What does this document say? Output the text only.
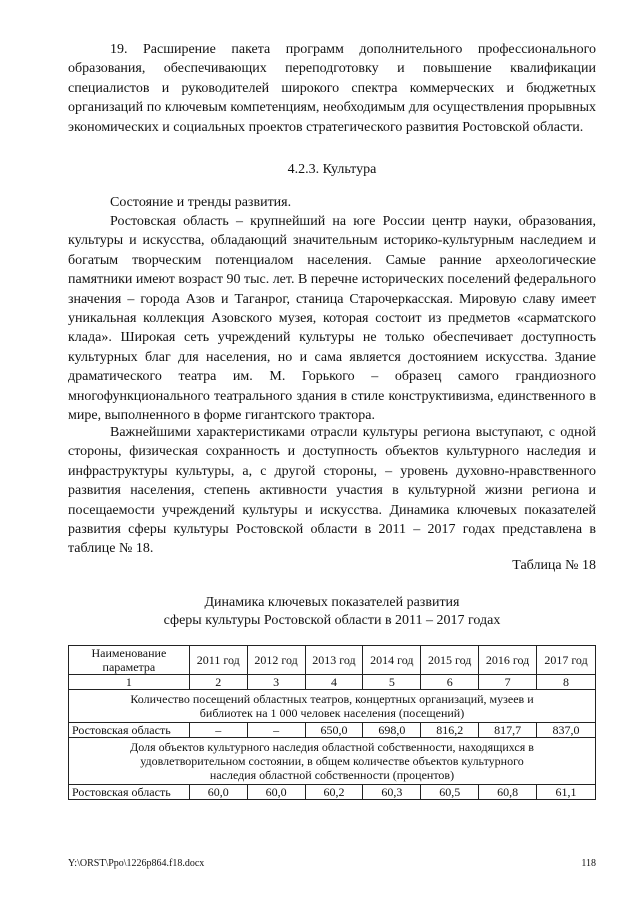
19. Расширение пакета программ дополнительного профессионального образования, обеспечивающих переподготовку и повышение квалификации специалистов и руководителей широкого спектра коммерческих и бюджетных организаций по ключевым компетенциям, необходимым для осуществления прорывных экономических и социальных проектов стратегического развития Ростовской области.

4.2.3. Культура

Состояние и тренды развития.

Ростовская область – крупнейший на юге России центр науки, образования, культуры и искусства, обладающий значительным историко-культурным наследием и богатым творческим потенциалом населения. Самые ранние археологические памятники имеют возраст 90 тыс. лет. В перечне исторических поселений федерального значения – города Азов и Таганрог, станица Старочеркасская. Мировую славу имеет уникальная коллекция Азовского музея, которая состоит из предметов «сарматского клада». Широкая сеть учреждений культуры не только обеспечивает доступность культурных благ для населения, но и сама является достоянием искусства. Здание драматического театра им. М. Горького – образец самого грандиозного многофункционального театрального здания в стиле конструктивизма, единственного в мире, выполненного в форме гигантского трактора.

Важнейшими характеристиками отрасли культуры региона выступают, с одной стороны, физическая сохранность и доступность объектов культурного наследия и инфраструктуры культуры, а, с другой стороны, – уровень духовно-нравственного развития населения, степень активности участия в культурной жизни региона и посещаемости учреждений культуры и искусства. Динамика ключевых показателей развития сферы культуры Ростовской области в 2011 – 2017 годах представлена в таблице № 18.

Таблица № 18

Динамика ключевых показателей развития

сферы культуры Ростовской области в 2011 – 2017 годах

Наименование параметра	2011 год	2012 год	2013 год	2014 год	2015 год	2016 год	2017 год
1	2	3	4	5	6	7	8
Количество посещений областных театров, концертных организаций, музеев и библиотек на 1 000 человек населения (посещений)							
Ростовская область	–	–	650,0	698,0	816,2	817,7	837,0
Доля объектов культурного наследия областной собственности, находящихся в удовлетворительном состоянии, в общем количестве объектов культурного наследия областной собственности (процентов)							
Ростовская область	60,0	60,0	60,2	60,3	60,5	60,8	61,1
Y:\ORST\Ppo\1226p864.f18.docx	118
